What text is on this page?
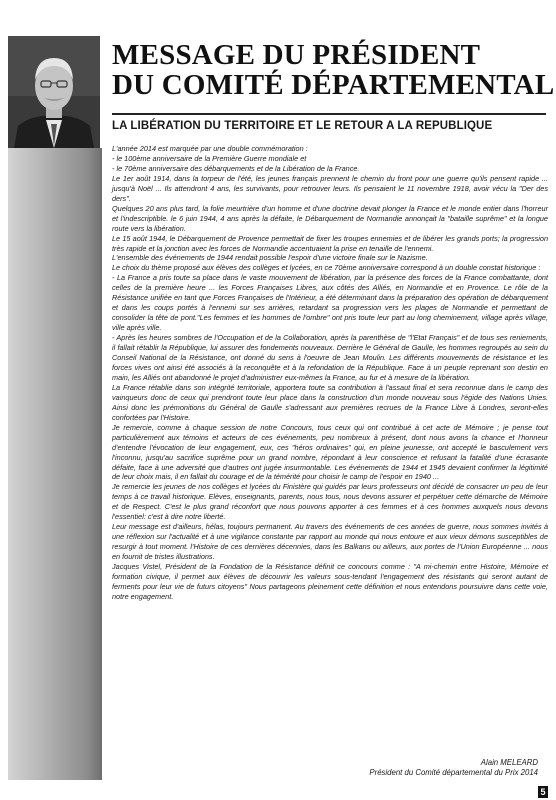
MESSAGE DU PRÉSIDENT
DU COMITÉ DÉPARTEMENTAL
LA LIBÉRATION DU TERRITOIRE ET LE RETOUR A LA REPUBLIQUE

L'année 2014 est marquée par une double commémoration :

- le 100ème anniversaire de la Première Guerre mondiale et

- le 70ème anniversaire des débarquements et de la Libération de la France.

Le 1er août 1914, dans la torpeur de l'été, les jeunes français prennent le chemin du front pour une guerre qu'ils pensent rapide ... jusqu'à Noël ... Ils attendront 4 ans, les survivants, pour retrouver leurs. Ils pensaient le 11 novembre 1918, avoir vécu la "Der des ders".

Quelques 20 ans plus tard, la folie meurtrière d'un homme et d'une doctrine devait plonger la France et le monde entier dans l'horreur et l'indescriptible. le 6 juin 1944, 4 ans après la défaite, le Débarquement de Normandie annonçait la "bataille suprême" et la longue route vers la libération.

Le 15 août 1944, le Débarquement de Provence permettait de fixer les troupes ennemies et de libérer les grands ports; la progression très rapide et la jonction avec les forces de Normandie accentuaient la prise en tenaille de l'ennemi.

L'ensemble des événements de 1944 rendait possible l'espoir d'une victoire finale sur le Nazisme.

Le choix du thème proposé aux élèves des collèges et lycées, en ce 70ème anniversaire correspond à un double constat historique :

- La France a pris toute sa place dans le vaste mouvement de libération, par la présence des forces de la France combattante, dont celles de la première heure ... les Forces Françaises Libres, aux côtés des Alliés, en Normandie et en Provence. Le rôle de la Résistance unifiée en tant que Forces Françaises de l'Intérieur, a été déterminant dans la préparation des opération de débarquement et dans les coups portés à l'ennemi sur ses arrières, retardant sa progression vers les plages de Normandie et permettant de consolider la tête de pont."Les femmes et les hommes de l'ombre" ont pris toute leur part au long cheminement, village après village, ville après ville.

- Après les heures sombres de l'Occupation et de la Collaboration, après la parenthèse de "l'Etat Français" et de tous ses reniements, il fallait rétablir la République, lui assurer des fondements nouveaux. Derrière le Général de Gaulle, les hommes regroupés au sein du Conseil National de la Résistance, ont donné du sens à l'oeuvre de Jean Moulin. Les différents mouvements de résistance et les forces vives ont ainsi été associés à la reconquête et à la refondation de la République. Face à un peuple reprenant son destin en main, les Alliés ont abandonné le projet d'administrer eux-mêmes la France, au fur et à mesure de la libération.

La France rétablie dans son intégrité territoriale, apportera toute sa contribution à l'assaut final et sera reconnue dans le camp des vainqueurs donc de ceux qui prendront toute leur place dans la construction d'un monde nouveau sous l'égide des Nations Unies. Ainsi donc les prémonitions du Général de Gaulle s'adressant aux premières recrues de la France Libre à Londres, seront-elles confortées par l'Histoire.

Je remercie, comme à chaque session de notre Concours, tous ceux qui ont contribué à cet acte de Mémoire ; je pense tout particulièrement aux témoins et acteurs de ces événements, peu nombreux à présent, dont nous avons la chance et l'honneur d'entendre l'évocation de leur engagement, eux, ces "héros ordinaires" qui, en pleine jeunesse, ont accepté le basculement vers l'inconnu, jusqu'au sacrifice suprême pour un grand nombre, répondant à leur conscience et refusant la fatalité d'une écrasante défaite, face à une adversité que d'autres ont jugée insurmontable. Les événements de 1944 et 1945 devaient confirmer la légitimité de leur choix mais, il en fallait du courage et de la témérité pour choisir le camp de l'espoir en 1940 ...

Je remercie les jeunes de nos collèges et lycées du Finistère qui guidés par leurs professeurs ont décidé de consacrer un peu de leur temps à ce travail historique. Elèves, enseignants, parents, nous tous, nous devons assurer et perpétuer cette démarche de Mémoire et de Respect. C'est le plus grand réconfort que nous pouvons apporter à ces femmes et à ces hommes auxquels nous devons l'essentiel: c'est à dire notre liberté.

Leur message est d'ailleurs, hélas, toujours permanent. Au travers des événements de ces années de guerre, nous sommes invités à une réflexion sur l'actualité et à une vigilance constante par rapport au monde qui nous entoure et aux vieux démons susceptibles de resurgir à tout moment. l'Histoire de ces dernières décennies, dans les Balkans ou ailleurs, aux portes de l'Union Européenne ... nous en fournit de tristes illustrations.

Jacques Vistel, Président de la Fondation de la Résistance définit ce concours comme : "A mi-chemin entre Histoire, Mémoire et formation civique, il permet aux élèves de découvrir les valeurs sous-tendant l'engagement des résistants qui seront autant de ferments pour leur vie de futurs citoyens" Nous partageons pleinement cette définition et nous entendons poursuivre dans cette voie, notre engagement.

Alain MELEARD
Président du Comité départemental du Prix 2014
5
